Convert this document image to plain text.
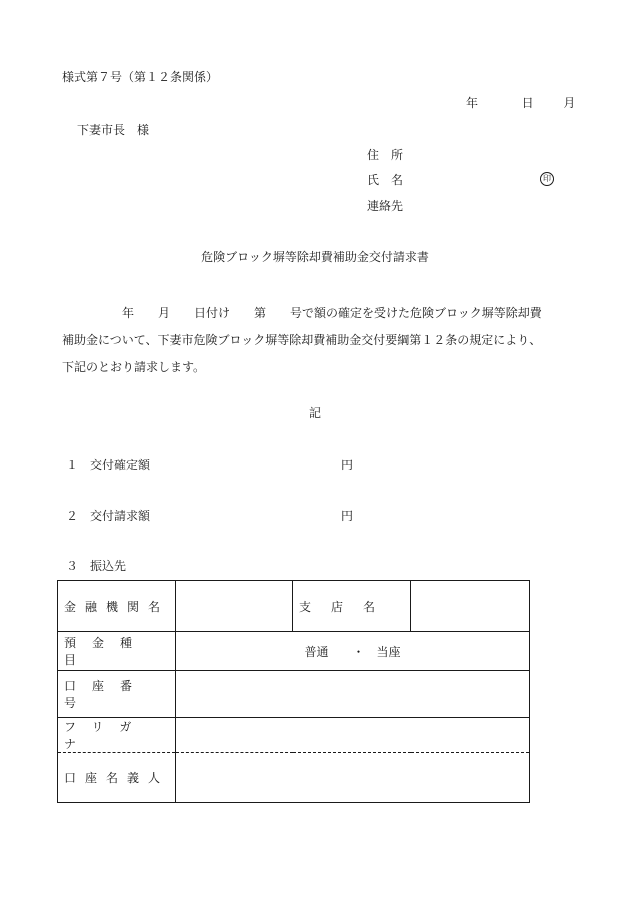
様式第７号（第１２条関係）
年	日 月
下妻市長　様
住　所
氏　名
連絡先
印
危険ブロック塀等除却費補助金交付請求書

　　　　　年　　月　　日付け　　第　　号で額の確定を受けた危険ブロック塀等除却費

補助金について、下妻市危険ブロック塀等除却費補助金交付要綱第１２条の規定により、

下記のとおり請求します。

記
１　交付確定額	円
２　交付請求額	円
３　振込先
金融機関名		支　店　名	
預金種目	普通　　・　当座		
口座番号			
フリガナ			
口座名義人			
